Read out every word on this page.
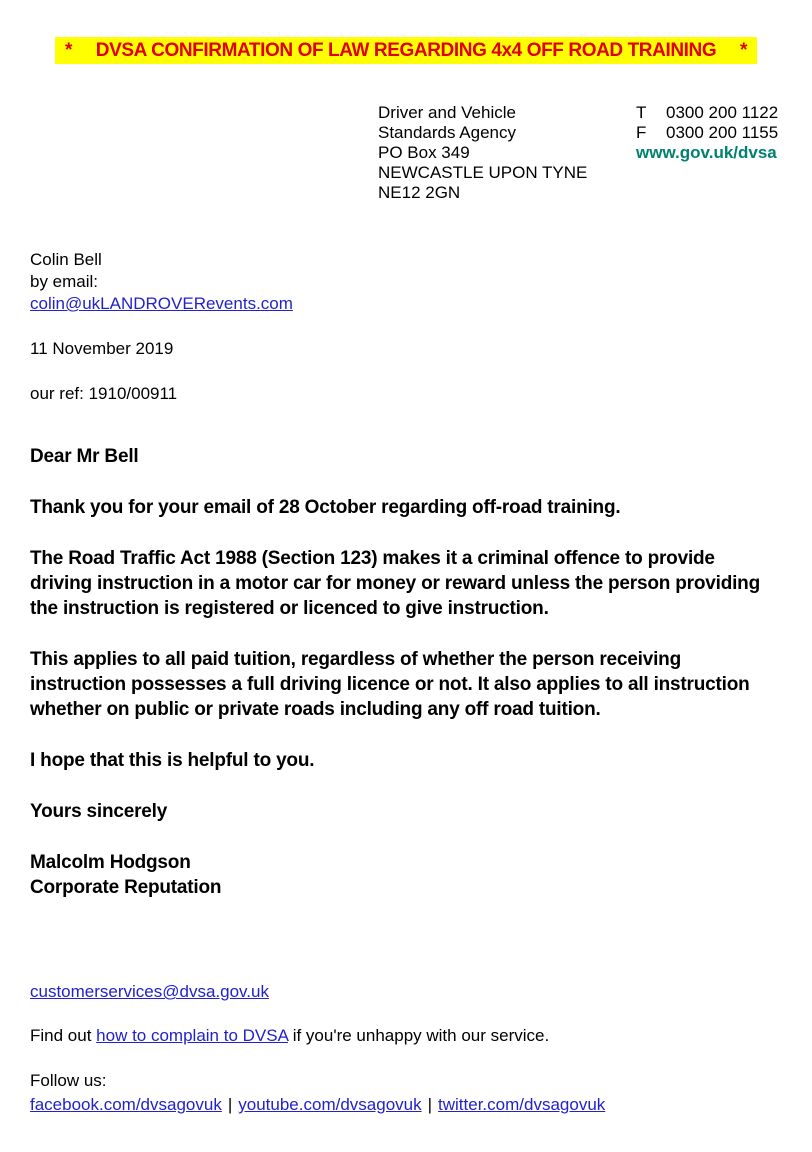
*	DVSA CONFIRMATION OF LAW REGARDING 4x4 OFF ROAD TRAINING	*
Driver and Vehicle
Standards Agency
PO Box 349
NEWCASTLE UPON TYNE
NE12 2GN
T	0300 200 1122
F	0300 200 1155
www.gov.uk/dvsa
Colin Bell
by email:
colin@ukLANDROVERevents.com
11 November 2019
our ref: 1910/00911

Dear Mr Bell

Thank you for your email of 28 October regarding off-road training.

The Road Traffic Act 1988 (Section 123) makes it a criminal offence to provide driving instruction in a motor car for money or reward unless the person providing the instruction is registered or licenced to give instruction.

This applies to all paid tuition, regardless of whether the person receiving instruction possesses a full driving licence or not. It also applies to all instruction whether on public or private roads including any off road tuition.

I hope that this is helpful to you.

Yours sincerely

Malcolm Hodgson

Corporate Reputation

customerservices@dvsa.gov.uk
Find out how to complain to DVSA if you're unhappy with our service.
Follow us:
facebook.com/dvsagovuk | youtube.com/dvsagovuk | twitter.com/dvsagovuk
